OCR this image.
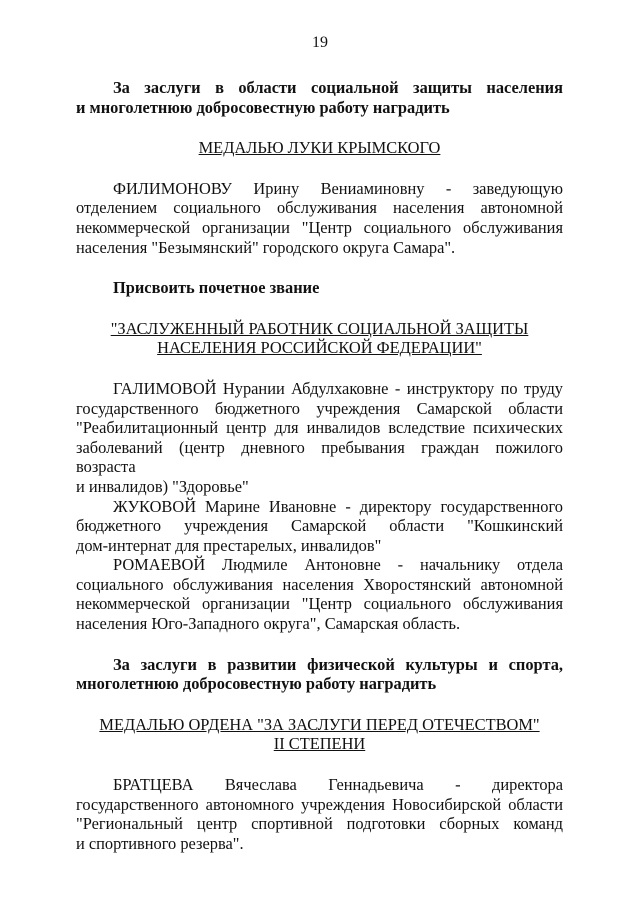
19

За заслуги в области социальной защиты населения

и многолетнюю добросовестную работу наградить

МЕДАЛЬЮ ЛУКИ КРЫМСКОГО

ФИЛИМОНОВУ Ирину Вениаминовну - заведующую

отделением социального обслуживания населения автономной

некоммерческой организации "Центр социального обслуживания

населения "Безымянский" городского округа Самара".

Присвоить почетное звание

"ЗАСЛУЖЕННЫЙ РАБОТНИК СОЦИАЛЬНОЙ ЗАЩИТЫ

НАСЕЛЕНИЯ РОССИЙСКОЙ ФЕДЕРАЦИИ"

ГАЛИМОВОЙ Нурании Абдулхаковне - инструктору по труду

государственного бюджетного учреждения Самарской области

"Реабилитационный центр для инвалидов вследствие психических

заболеваний (центр дневного пребывания граждан пожилого возраста

и инвалидов) "Здоровье"

ЖУКОВОЙ Марине Ивановне - директору государственного

бюджетного учреждения Самарской области "Кошкинский

дом-интернат для престарелых, инвалидов"

РОМАЕВОЙ Людмиле Антоновне - начальнику отдела

социального обслуживания населения Хворостянский автономной

некоммерческой организации "Центр социального обслуживания

населения Юго-Западного округа", Самарская область.

За заслуги в развитии физической культуры и спорта,

многолетнюю добросовестную работу наградить

МЕДАЛЬЮ ОРДЕНА "ЗА ЗАСЛУГИ ПЕРЕД ОТЕЧЕСТВОМ"

II СТЕПЕНИ

БРАТЦЕВА Вячеслава Геннадьевича - директора

государственного автономного учреждения Новосибирской области

"Региональный центр спортивной подготовки сборных команд

и спортивного резерва".
